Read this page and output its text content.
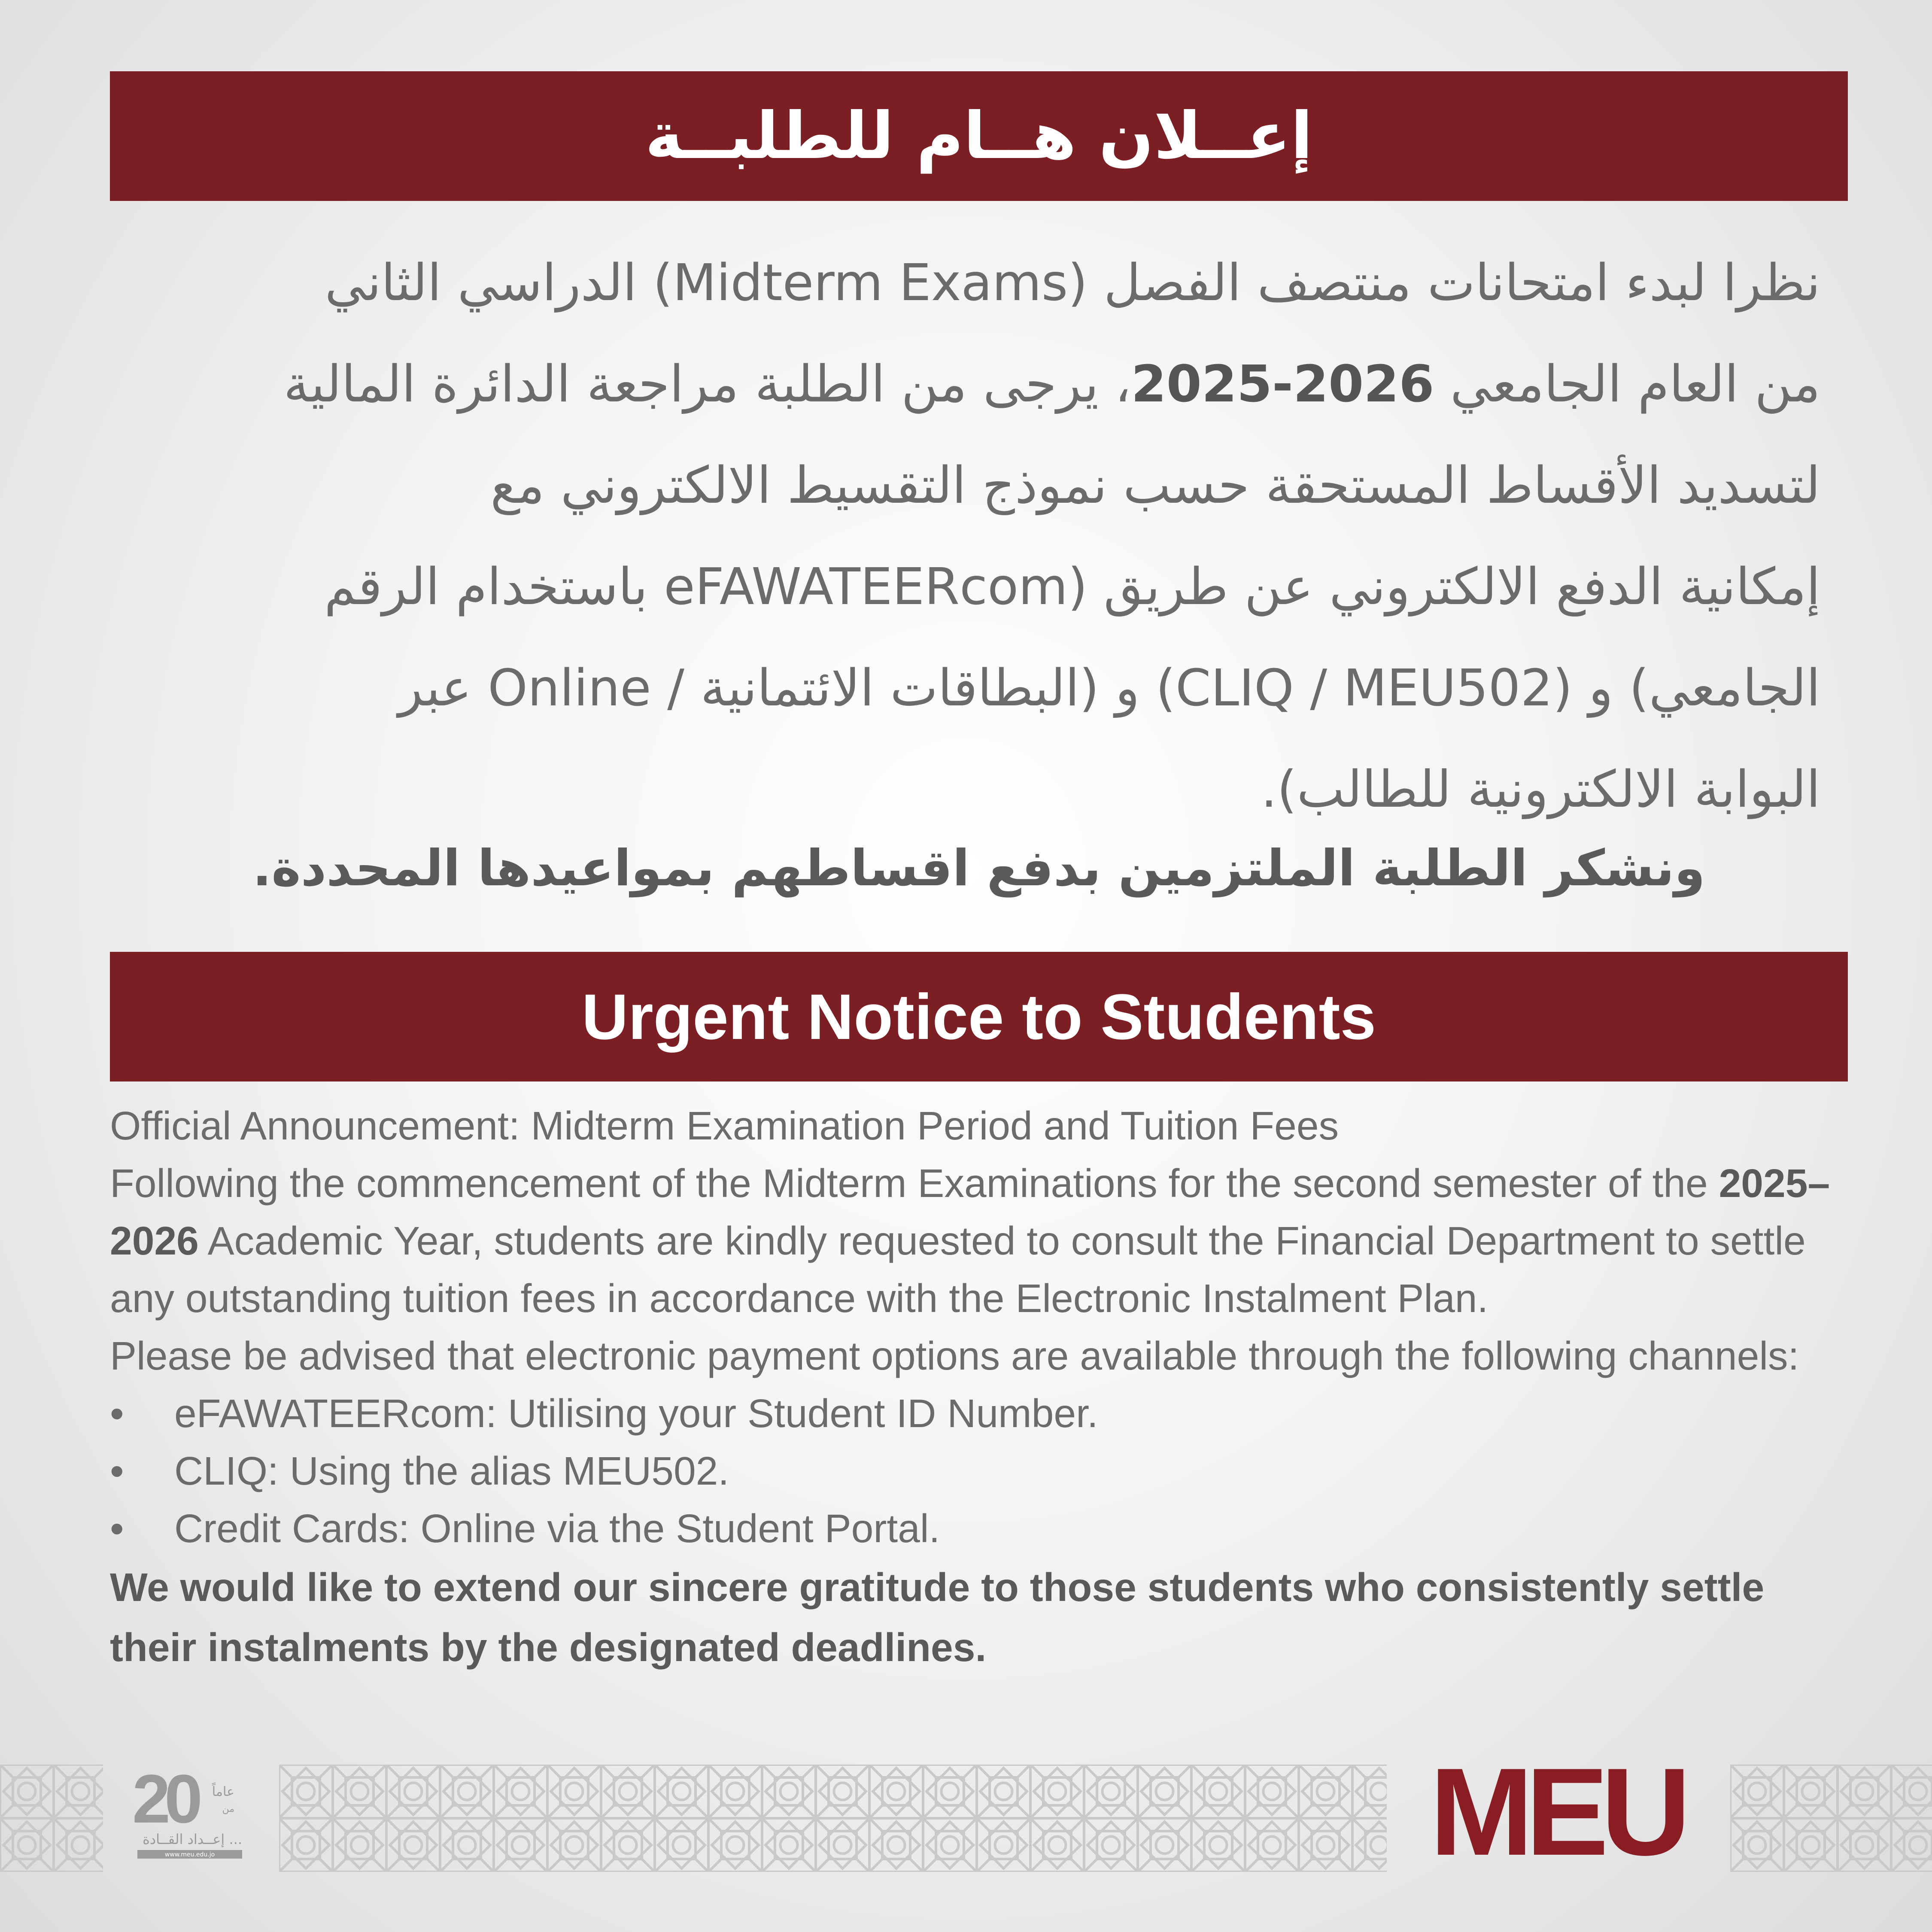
إعــلان هــام للطلبــة

نظرا لبدء امتحانات منتصف الفصل (Midterm Exams) الدراسي الثاني

من العام الجامعي 2025-2026، يرجى من الطلبة مراجعة الدائرة المالية

لتسديد الأقساط المستحقة حسب نموذج التقسيط الالكتروني مع

إمكانية الدفع الالكتروني عن طريق (eFAWATEERcom باستخدام الرقم

الجامعي) و (CLIQ / MEU502) و (البطاقات الائتمانية / Online عبر

البوابة الالكترونية للطالب).

ونشكر الطلبة الملتزمين بدفع اقساطهم بمواعيدها المحددة.
Urgent Notice to Students

Official Announcement: Midterm Examination Period and Tuition Fees

Following the commencement of the Midterm Examinations for the second semester of the 2025–2026 Academic Year, students are kindly requested to consult the Financial Department to settle any outstanding tuition fees in accordance with the Electronic Instalment Plan.

Please be advised that electronic payment options are available through the following channels:

• eFAWATEERcom: Utilising your Student ID Number.
• CLIQ: Using the alias MEU502.
• Credit Cards: Online via the Student Portal.

We would like to extend our sincere gratitude to those students who consistently settle their instalments by the designated deadlines.

20 عاماً
من
إعــداد القــادة ...
www.meu.edu.jo	MEU
